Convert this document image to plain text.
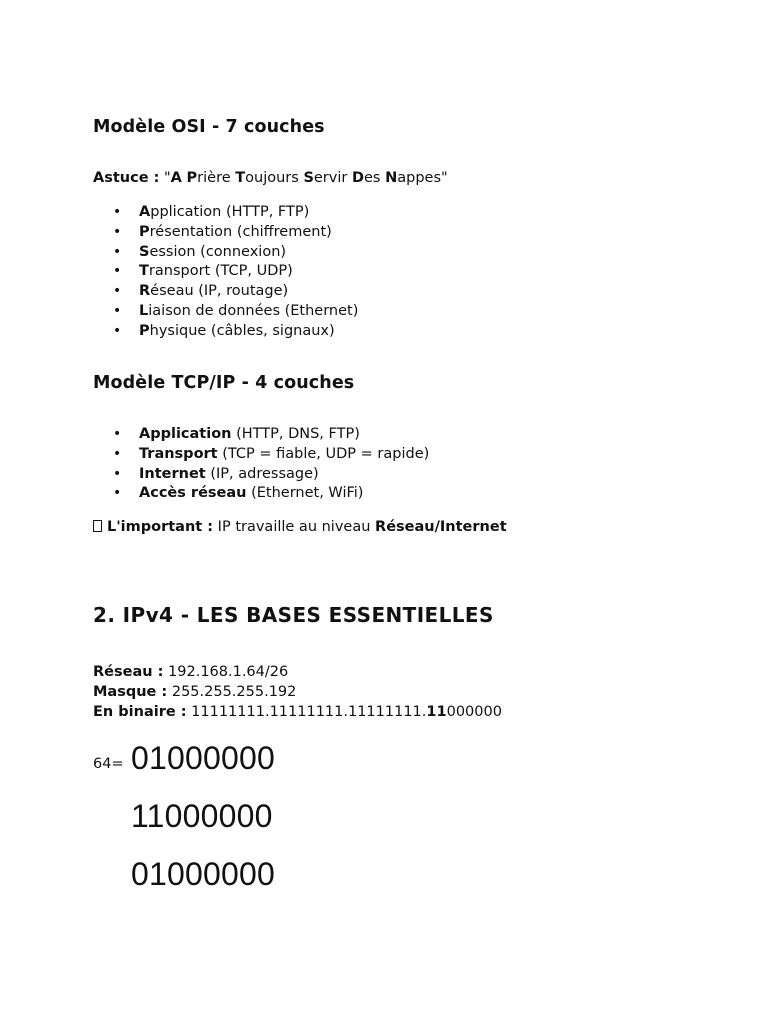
Modèle OSI - 7 couches

Astuce : "A Prière Toujours Servir Des Nappes"

• Application (HTTP, FTP)
• Présentation (chiffrement)
• Session (connexion)
• Transport (TCP, UDP)
• Réseau (IP, routage)
• Liaison de données (Ethernet)
• Physique (câbles, signaux)
Modèle TCP/IP - 4 couches
• Application (HTTP, DNS, FTP)
• Transport (TCP = fiable, UDP = rapide)
• Internet (IP, adressage)
• Accès réseau (Ethernet, WiFi)

L'important : IP travaille au niveau Réseau/Internet

2. IPv4 - LES BASES ESSENTIELLES
Réseau : 192.168.1.64/26
Masque : 255.255.255.192
En binaire : 11111111.11111111.11111111.11000000
64= 01000000
11000000
01000000
